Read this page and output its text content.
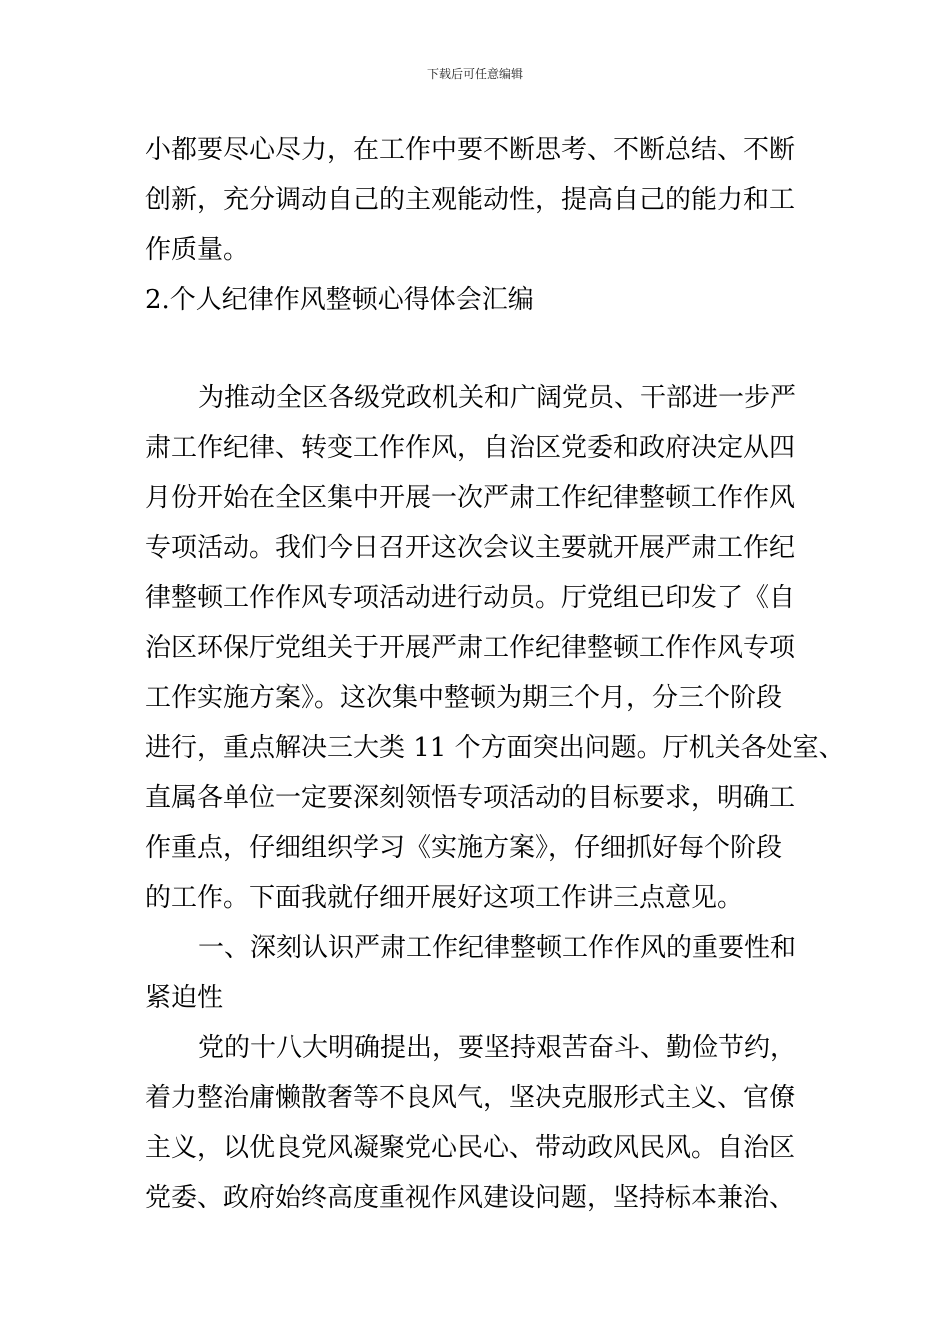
下载后可任意编辑
小都要尽心尽力，在工作中要不断思考、不断总结、不断
创新，充分调动自己的主观能动性，提高自己的能力和工
作质量。
2.个人纪律作风整顿心得体会汇编
为推动全区各级党政机关和广阔党员、干部进一步严
肃工作纪律、转变工作作风，自治区党委和政府决定从四
月份开始在全区集中开展一次严肃工作纪律整顿工作作风
专项活动。我们今日召开这次会议主要就开展严肃工作纪
律整顿工作作风专项活动进行动员。厅党组已印发了《自
治区环保厅党组关于开展严肃工作纪律整顿工作作风专项
工作实施方案》。这次集中整顿为期三个月，分三个阶段
进行，重点解决三大类 11 个方面突出问题。厅机关各处室、
直属各单位一定要深刻领悟专项活动的目标要求，明确工
作重点，仔细组织学习《实施方案》，仔细抓好每个阶段
的工作。下面我就仔细开展好这项工作讲三点意见。
一、深刻认识严肃工作纪律整顿工作作风的重要性和
紧迫性
党的十八大明确提出，要坚持艰苦奋斗、勤俭节约，
着力整治庸懒散奢等不良风气，坚决克服形式主义、官僚
主义，以优良党风凝聚党心民心、带动政风民风。自治区
党委、政府始终高度重视作风建设问题，坚持标本兼治、
